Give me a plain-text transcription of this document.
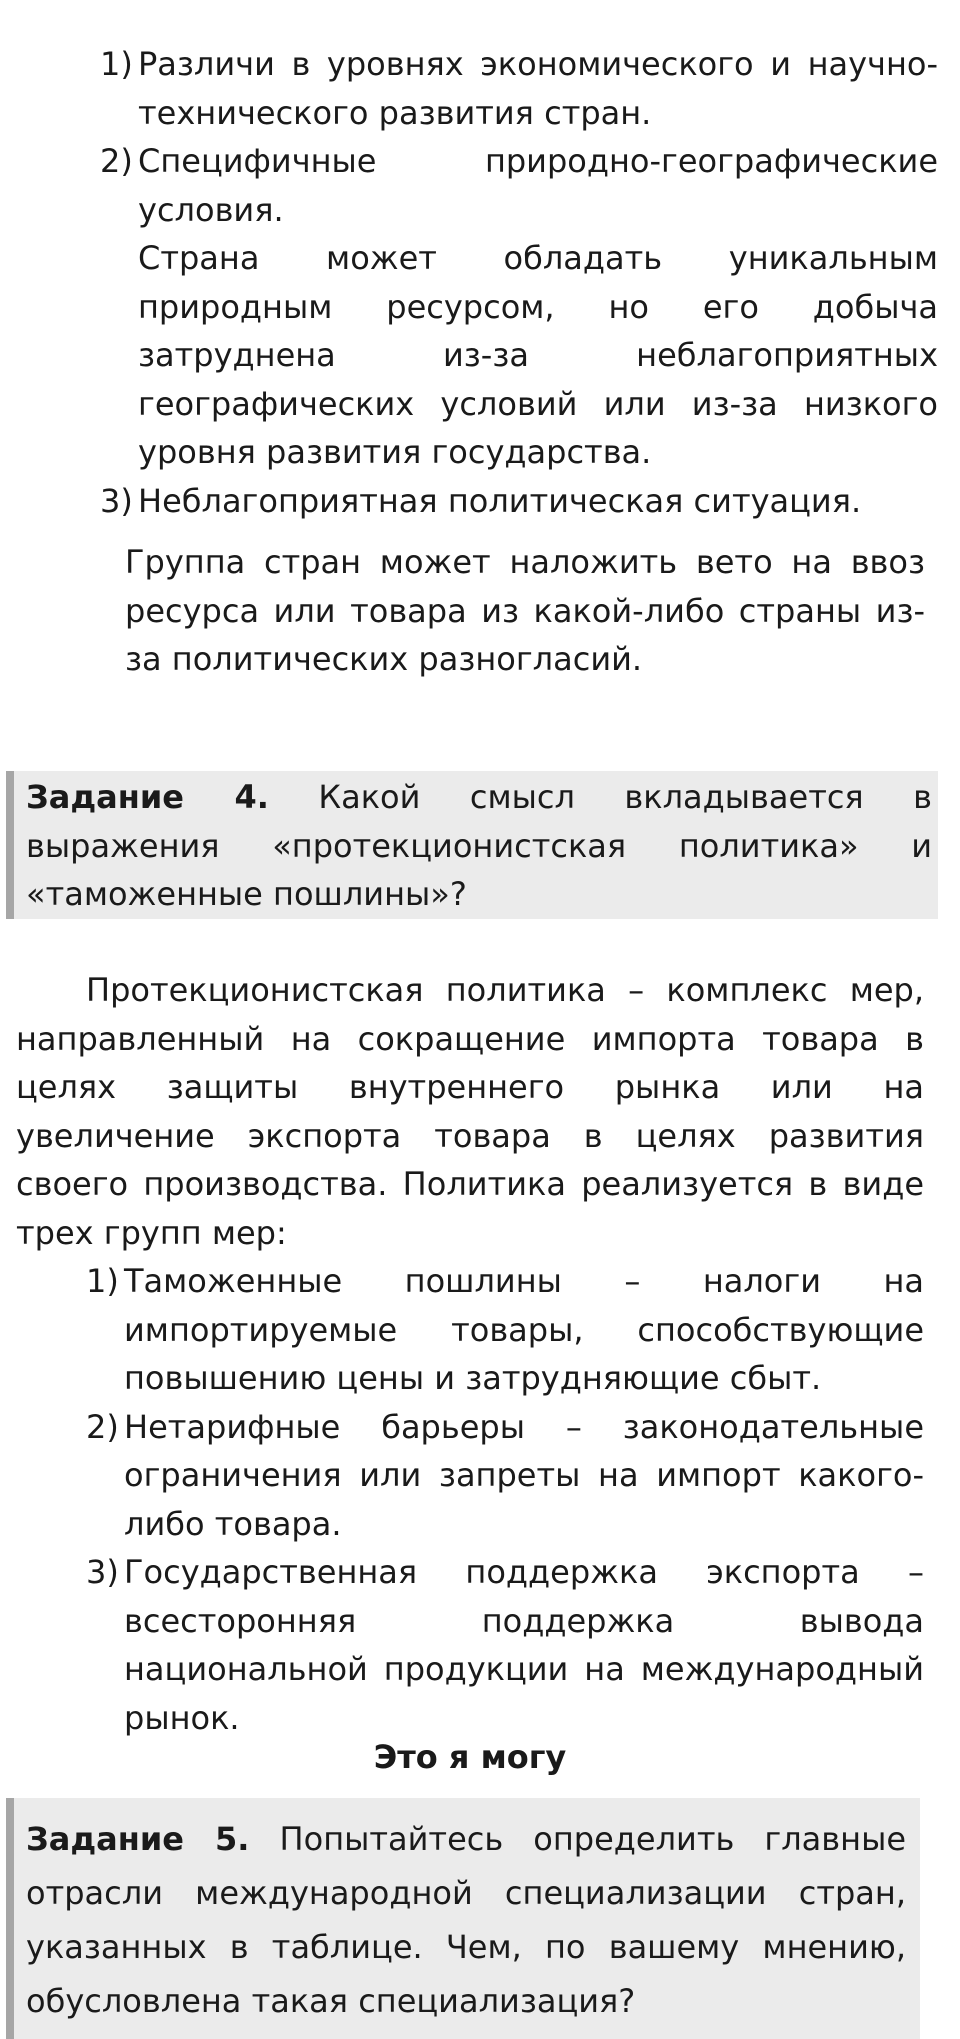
1) Различи в уровнях экономического и научно-технического развития стран.
2) Специфичные природно-географические условия.
Страна может обладать уникальным природным ресурсом, но его добыча затруднена из-за неблагоприятных географических условий или из-за низкого уровня развития государства.
3) Неблагоприятная политическая ситуация.

Группа стран может наложить вето на ввоз ресурса или товара из какой-либо страны из-за политических разногласий.

Задание 4. Какой смысл вкладывается в выражения «протекционистская политика» и «таможенные пошлины»?

Протекционистская политика – комплекс мер, направленный на сокращение импорта товара в целях защиты внутреннего рынка или на увеличение экспорта товара в целях развития своего производства. Политика реализуется в виде трех групп мер:

1) Таможенные пошлины – налоги на импортируемые товары, способствующие повышению цены и затрудняющие сбыт.
2) Нетарифные барьеры – законодательные ограничения или запреты на импорт какого-либо товара.
3) Государственная поддержка экспорта – всесторонняя поддержка вывода национальной продукции на международный рынок.
Это я могу
Задание 5. Попытайтесь определить главные отрасли международной специализации стран, указанных в таблице. Чем, по вашему мнению, обусловлена такая специализация?
